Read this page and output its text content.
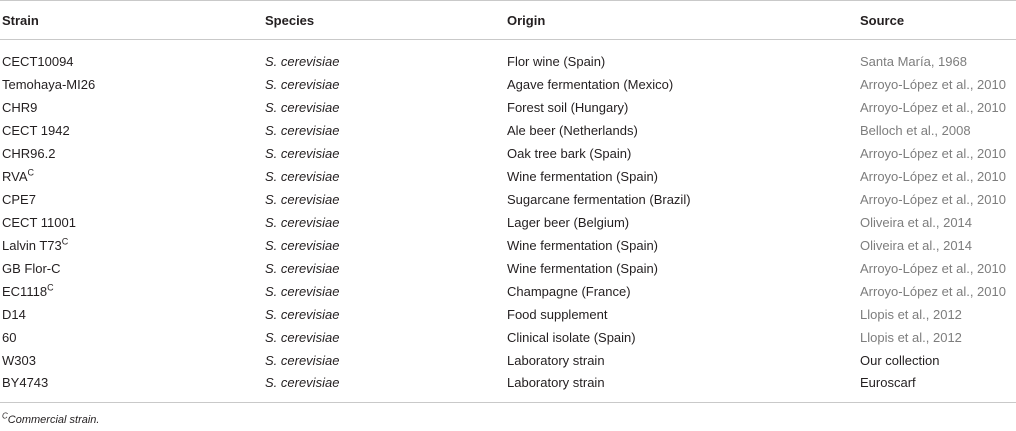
Strain	Species	Origin	Source
CECT10094	S. cerevisiae	Flor wine (Spain)	Santa María, 1968
Temohaya-MI26	S. cerevisiae	Agave fermentation (Mexico)	Arroyo-López et al., 2010
CHR9	S. cerevisiae	Forest soil (Hungary)	Arroyo-López et al., 2010
CECT 1942	S. cerevisiae	Ale beer (Netherlands)	Belloch et al., 2008
CHR96.2	S. cerevisiae	Oak tree bark (Spain)	Arroyo-López et al., 2010
$RVA^C$	S. cerevisiae	Wine fermentation (Spain)	Arroyo-López et al., 2010
CPE7	S. cerevisiae	Sugarcane fermentation (Brazil)	Arroyo-López et al., 2010
CECT 11001	S. cerevisiae	Lager beer (Belgium)	Oliveira et al., 2014
Lalvin $T73^C$	S. cerevisiae	Wine fermentation (Spain)	Oliveira et al., 2014
GB Flor-C	S. cerevisiae	Wine fermentation (Spain)	Arroyo-López et al., 2010
$EC1118^C$	S. cerevisiae	Champagne (France)	Arroyo-López et al., 2010
D14	S. cerevisiae	Food supplement	Llopis et al., 2012
60	S. cerevisiae	Clinical isolate (Spain)	Llopis et al., 2012
W303	S. cerevisiae	Laboratory strain	Our collection
BY4743	S. cerevisiae	Laboratory strain	Euroscarf
$^C$Commercial strain.
